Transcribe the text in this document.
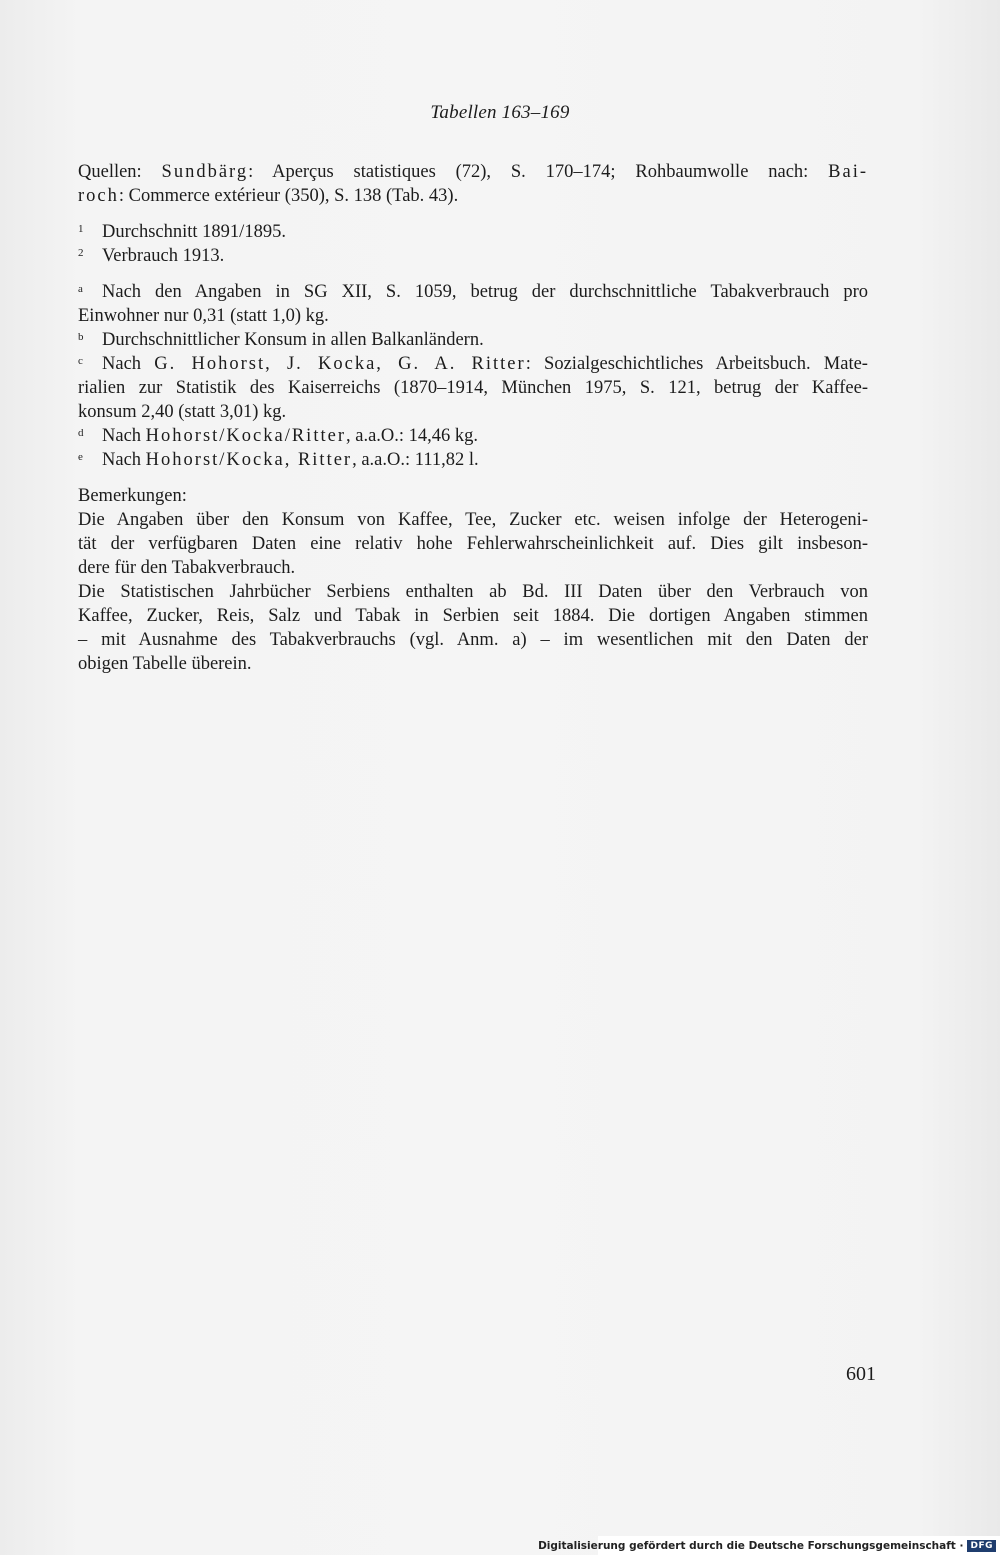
Tabellen 163–169
Quellen: Sundbärg: Aperçus statistiques (72), S. 170–174; Rohbaumwolle nach: Bai-
roch: Commerce extérieur (350), S. 138 (Tab. 43).
1 Durchschnitt 1891/1895.
2 Verbrauch 1913.
a Nach den Angaben in SG XII, S. 1059, betrug der durchschnittliche Tabakverbrauch pro
Einwohner nur 0,31 (statt 1,0) kg.
b Durchschnittlicher Konsum in allen Balkanländern.
c Nach G. Hohorst, J. Kocka, G. A. Ritter: Sozialgeschichtliches Arbeitsbuch. Mate-
rialien zur Statistik des Kaiserreichs (1870–1914, München 1975, S. 121, betrug der Kaffee-
konsum 2,40 (statt 3,01) kg.
d Nach Hohorst/Kocka/Ritter, a.a.O.: 14,46 kg.
e Nach Hohorst/Kocka, Ritter, a.a.O.: 111,82 l.
Bemerkungen:
Die Angaben über den Konsum von Kaffee, Tee, Zucker etc. weisen infolge der Heterogeni-
tät der verfügbaren Daten eine relativ hohe Fehlerwahrscheinlichkeit auf. Dies gilt insbeson-
dere für den Tabakverbrauch.
Die Statistischen Jahrbücher Serbiens enthalten ab Bd. III Daten über den Verbrauch von
Kaffee, Zucker, Reis, Salz und Tabak in Serbien seit 1884. Die dortigen Angaben stimmen
– mit Ausnahme des Tabakverbrauchs (vgl. Anm. a) – im wesentlichen mit den Daten der
obigen Tabelle überein.
601
Digitalisierung gefördert durch die Deutsche Forschungsgemeinschaft · DFG
